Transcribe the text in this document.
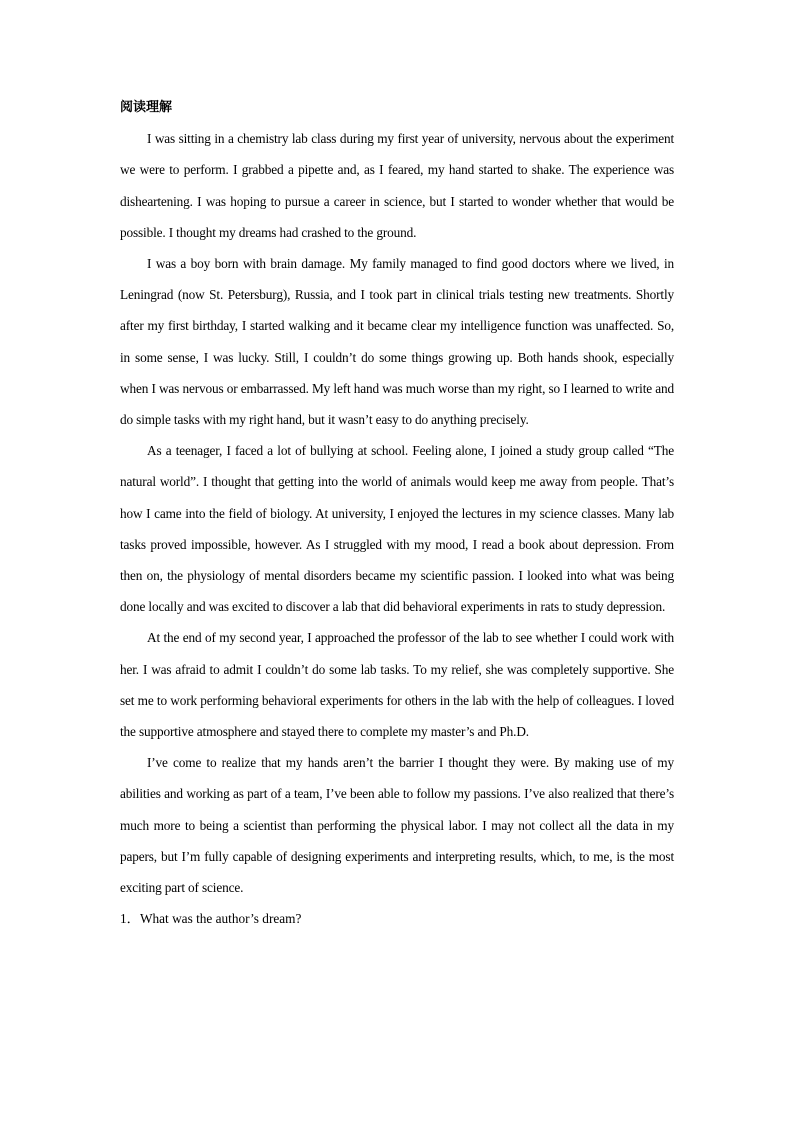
阅读理解

I was sitting in a chemistry lab class during my first year of university, nervous about the experiment we were to perform. I grabbed a pipette and, as I feared, my hand started to shake. The experience was disheartening. I was hoping to pursue a career in science, but I started to wonder whether that would be possible. I thought my dreams had crashed to the ground.

I was a boy born with brain damage. My family managed to find good doctors where we lived, in Leningrad (now St. Petersburg), Russia, and I took part in clinical trials testing new treatments. Shortly after my first birthday, I started walking and it became clear my intelligence function was unaffected. So, in some sense, I was lucky. Still, I couldn’t do some things growing up. Both hands shook, especially when I was nervous or embarrassed. My left hand was much worse than my right, so I learned to write and do simple tasks with my right hand, but it wasn’t easy to do anything precisely.

As a teenager, I faced a lot of bullying at school. Feeling alone, I joined a study group called “The natural world”. I thought that getting into the world of animals would keep me away from people. That’s how I came into the field of biology. At university, I enjoyed the lectures in my science classes. Many lab tasks proved impossible, however. As I struggled with my mood, I read a book about depression. From then on, the physiology of mental disorders became my scientific passion. I looked into what was being done locally and was excited to discover a lab that did behavioral experiments in rats to study depression.

At the end of my second year, I approached the professor of the lab to see whether I could work with her. I was afraid to admit I couldn’t do some lab tasks. To my relief, she was completely supportive. She set me to work performing behavioral experiments for others in the lab with the help of colleagues. I loved the supportive atmosphere and stayed there to complete my master’s and Ph.D.

I’ve come to realize that my hands aren’t the barrier I thought they were. By making use of my abilities and working as part of a team, I’ve been able to follow my passions. I’ve also realized that there’s much more to being a scientist than performing the physical labor. I may not collect all the data in my papers, but I’m fully capable of designing experiments and interpreting results, which, to me, is the most exciting part of science.

1．What was the author’s dream?
